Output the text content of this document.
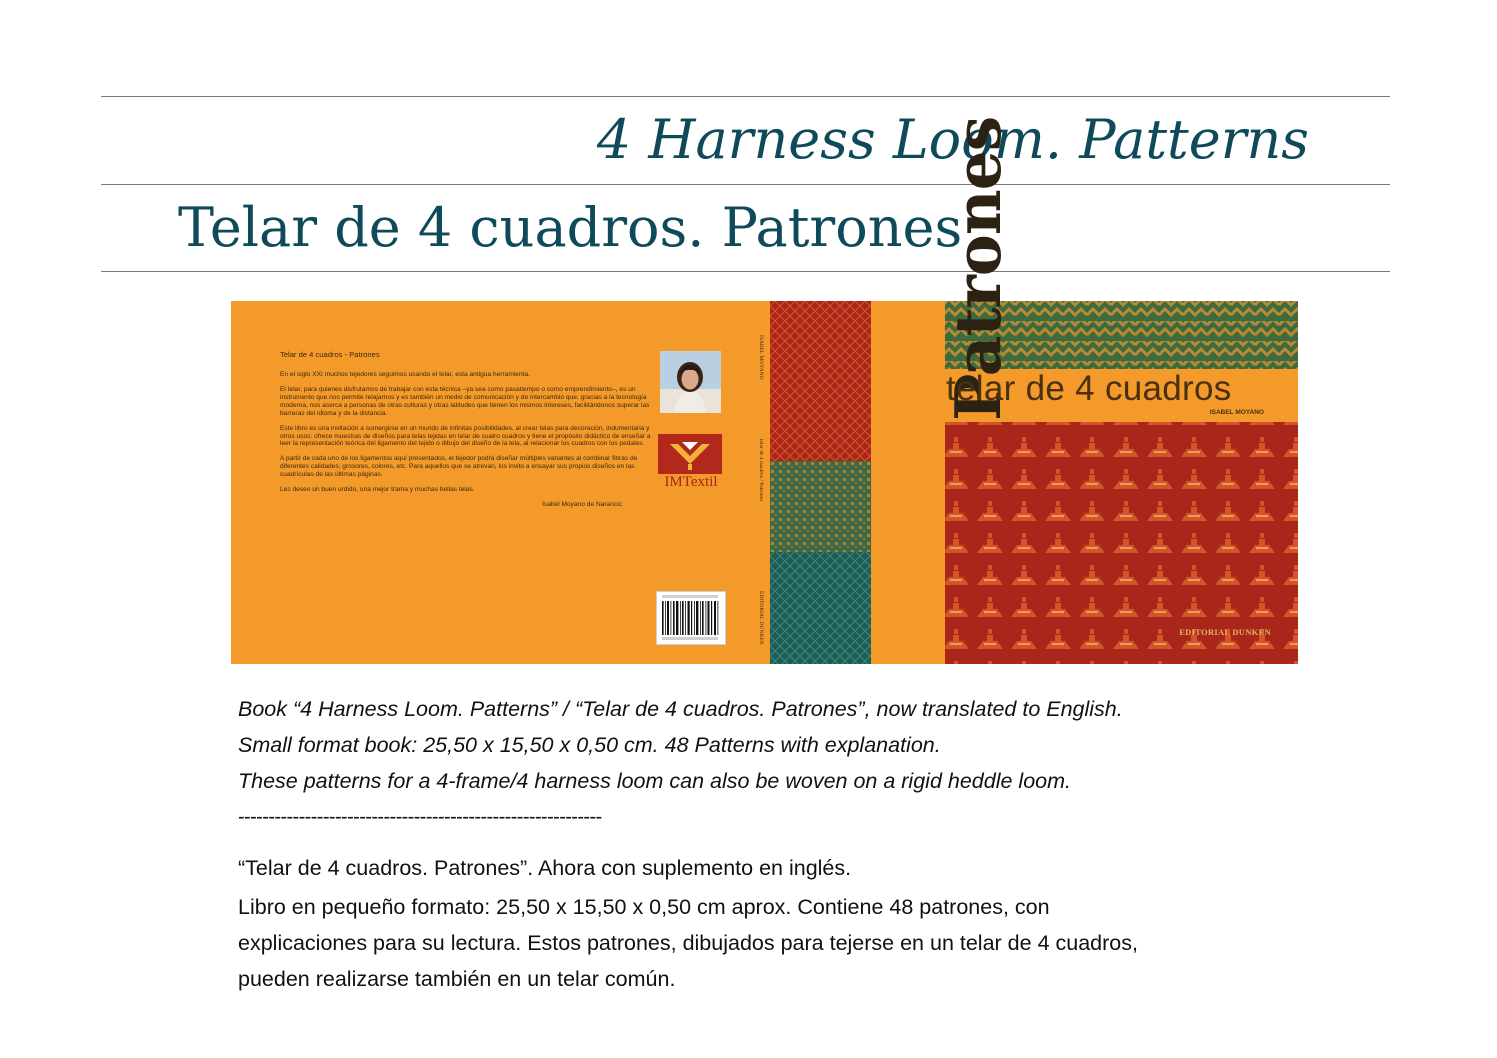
4 Harness Loom. Patterns
Telar de 4 cuadros. Patrones

Telar de 4 cuadros - Patrones

En el siglo XXI muchos tejedores seguimos usando el telar, esta antigua herramienta.

El telar, para quienes disfrutamos de trabajar con esta técnica –ya sea como pasatiempo o como emprendimiento–, es un instrumento que nos permite relajarnos y es también un medio de comunicación y de intercambio que, gracias a la tecnología moderna, nos acerca a personas de otras culturas y otras latitudes que tienen los mismos intereses, facilitándonos superar las barreras del idioma y de la distancia.

Este libro es una invitación a sumergirse en un mundo de infinitas posibilidades, al crear telas para decoración, indumentaria y otros usos: ofrece muestras de diseños para telas tejidas en telar de cuatro cuadros y tiene el propósito didáctico de enseñar a leer la representación teórica del ligamento del tejido o dibujo del diseño de la tela, al relacionar los cuadros con los pedales.

A partir de cada uno de los ligamentos aquí presentados, el tejedor podrá diseñar múltiples variantes al combinar fibras de diferentes calidades, grosores, colores, etc. Para aquellos que se atrevan, los invito a ensayar sus propios diseños en las cuadrículas de las últimas páginas.

Les deseo un buen urdido, una mejor trama y muchas bellas telas.

Isabel Moyano de Narancic

IMTextil
ISABEL MOYANO
telar de 4 cuadros / Patrones
EDITORIAL DUNKEN
Patrones
telar de 4 cuadros
ISABEL MOYANO
EDITORIAL DUNKEN
Book “4 Harness Loom. Patterns” / “Telar de 4 cuadros. Patrones”, now translated to English.
Small format book: 25,50 x 15,50 x 0,50 cm. 48 Patterns with explanation.
These patterns for a 4-frame/4 harness loom can also be woven on a rigid heddle loom.
------------------------------------------------------------
“Telar de 4 cuadros. Patrones”. Ahora con suplemento en inglés.
Libro en pequeño formato: 25,50 x 15,50 x 0,50 cm aprox. Contiene 48 patrones, con
explicaciones para su lectura. Estos patrones, dibujados para tejerse en un telar de 4 cuadros,
pueden realizarse también en un telar común.
